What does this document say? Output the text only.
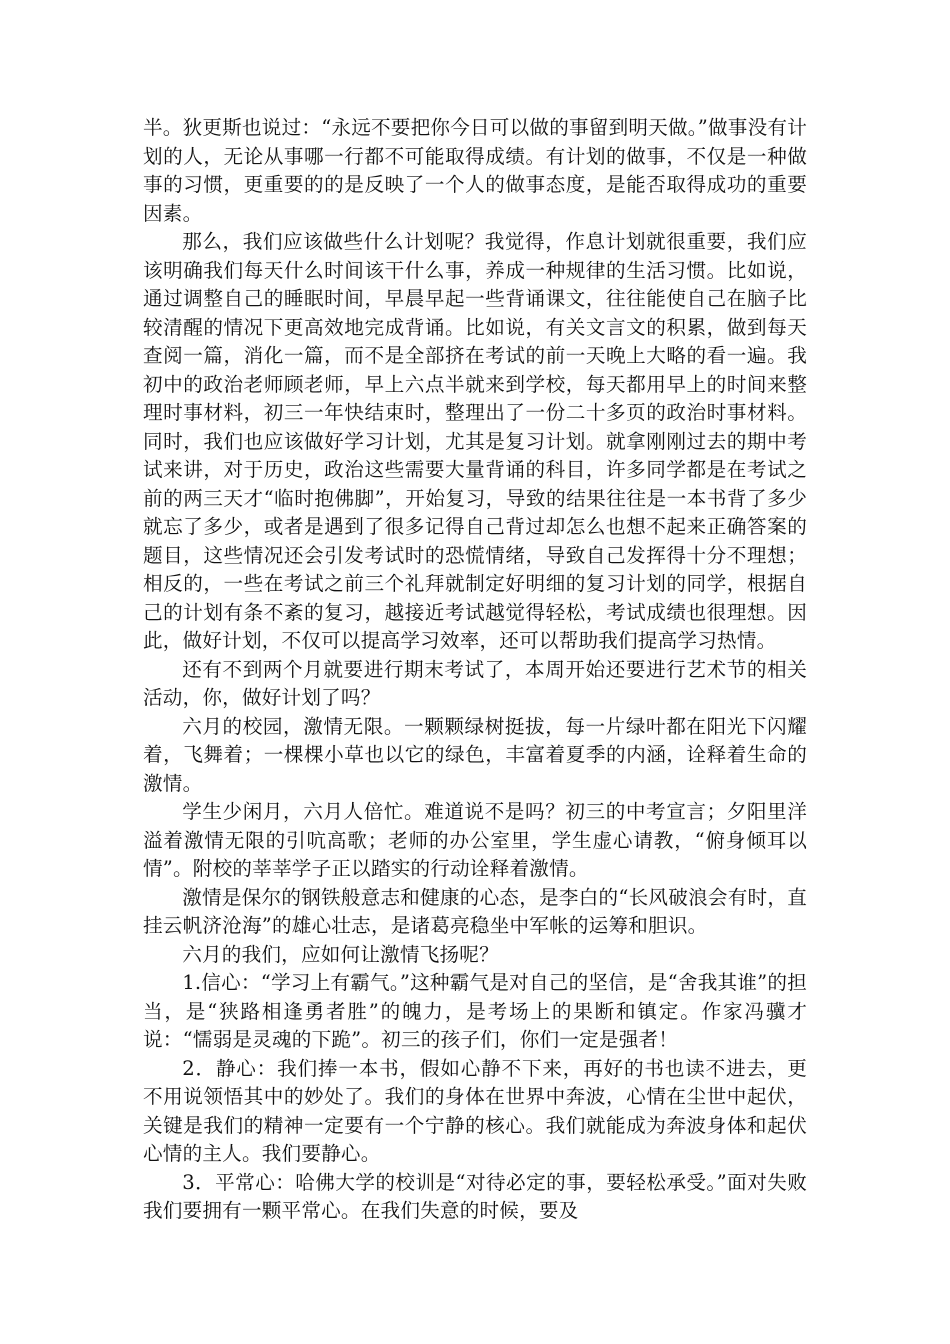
半。狄更斯也说过：“永远不要把你今日可以做的事留到明天做。”做事没有计划的人，无论从事哪一行都不可能取得成绩。有计划的做事，不仅是一种做事的习惯，更重要的的是反映了一个人的做事态度，是能否取得成功的重要因素。

那么，我们应该做些什么计划呢？我觉得，作息计划就很重要，我们应该明确我们每天什么时间该干什么事，养成一种规律的生活习惯。比如说，通过调整自己的睡眠时间，早晨早起一些背诵课文，往往能使自己在脑子比较清醒的情况下更高效地完成背诵。比如说，有关文言文的积累，做到每天查阅一篇，消化一篇，而不是全部挤在考试的前一天晚上大略的看一遍。我初中的政治老师顾老师，早上六点半就来到学校，每天都用早上的时间来整理时事材料，初三一年快结束时，整理出了一份二十多页的政治时事材料。同时，我们也应该做好学习计划，尤其是复习计划。就拿刚刚过去的期中考试来讲，对于历史，政治这些需要大量背诵的科目，许多同学都是在考试之前的两三天才“临时抱佛脚”，开始复习，导致的结果往往是一本书背了多少就忘了多少，或者是遇到了很多记得自己背过却怎么也想不起来正确答案的题目，这些情况还会引发考试时的恐慌情绪，导致自己发挥得十分不理想；相反的，一些在考试之前三个礼拜就制定好明细的复习计划的同学，根据自己的计划有条不紊的复习，越接近考试越觉得轻松，考试成绩也很理想。因此，做好计划，不仅可以提高学习效率，还可以帮助我们提高学习热情。

还有不到两个月就要进行期末考试了，本周开始还要进行艺术节的相关活动，你，做好计划了吗？

六月的校园，激情无限。一颗颗绿树挺拔，每一片绿叶都在阳光下闪耀着，飞舞着；一棵棵小草也以它的绿色，丰富着夏季的内涵，诠释着生命的激情。

学生少闲月，六月人倍忙。难道说不是吗？初三的中考宣言；夕阳里洋溢着激情无限的引吭高歌；老师的办公室里，学生虚心请教，“俯身倾耳以情”。附校的莘莘学子正以踏实的行动诠释着激情。

激情是保尔的钢铁般意志和健康的心态，是李白的“长风破浪会有时，直挂云帆济沧海”的雄心壮志，是诸葛亮稳坐中军帐的运筹和胆识。

六月的我们，应如何让激情飞扬呢？

1.信心：“学习上有霸气。”这种霸气是对自己的坚信，是“舍我其谁”的担当，是“狭路相逢勇者胜”的魄力，是考场上的果断和镇定。作家冯骥才说：“懦弱是灵魂的下跪”。初三的孩子们，你们一定是强者！

2．静心：我们捧一本书，假如心静不下来，再好的书也读不进去，更不用说领悟其中的妙处了。我们的身体在世界中奔波，心情在尘世中起伏，关键是我们的精神一定要有一个宁静的核心。我们就能成为奔波身体和起伏心情的主人。我们要静心。

3．平常心：哈佛大学的校训是“对待必定的事，要轻松承受。”面对失败我们要拥有一颗平常心。在我们失意的时候，要及
